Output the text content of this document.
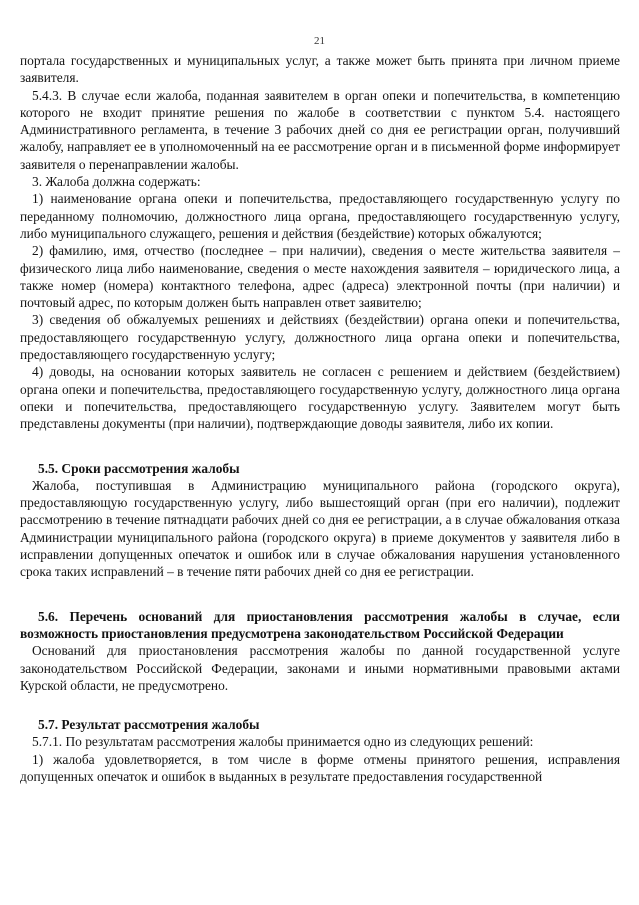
21

портала государственных и муниципальных услуг, а также может быть принята при личном приеме заявителя.

5.4.3. В случае если жалоба, поданная заявителем в орган опеки и попечительства, в компетенцию которого не входит принятие решения по жалобе в соответствии с пунктом 5.4. настоящего Административного регламента, в течение 3 рабочих дней со дня ее регистрации орган, получивший жалобу, направляет ее в уполномоченный на ее рассмотрение орган и в письменной форме информирует заявителя о перенаправлении жалобы.

3. Жалоба должна содержать:

1) наименование органа опеки и попечительства, предоставляющего государственную услугу по переданному полномочию, должностного лица органа, предоставляющего государственную услугу, либо муниципального служащего, решения и действия (бездействие) которых обжалуются;

2) фамилию, имя, отчество (последнее – при наличии), сведения о месте жительства заявителя – физического лица либо наименование, сведения о месте нахождения заявителя – юридического лица, а также номер (номера) контактного телефона, адрес (адреса) электронной почты (при наличии) и почтовый адрес, по которым должен быть направлен ответ заявителю;

3) сведения об обжалуемых решениях и действиях (бездействии) органа опеки и попечительства, предоставляющего государственную услугу, должностного лица органа опеки и попечительства, предоставляющего государственную услугу;

4) доводы, на основании которых заявитель не согласен с решением и действием (бездействием) органа опеки и попечительства, предоставляющего государственную услугу, должностного лица органа опеки и попечительства, предоставляющего государственную услугу. Заявителем могут быть представлены документы (при наличии), подтверждающие доводы заявителя, либо их копии.

5.5. Сроки рассмотрения жалобы

Жалоба, поступившая в Администрацию муниципального района (городского округа), предоставляющую государственную услугу, либо вышестоящий орган (при его наличии), подлежит рассмотрению в течение пятнадцати рабочих дней со дня ее регистрации, а в случае обжалования отказа Администрации муниципального района (городского округа) в приеме документов у заявителя либо в исправлении допущенных опечаток и ошибок или в случае обжалования нарушения установленного срока таких исправлений – в течение пяти рабочих дней со дня ее регистрации.

5.6. Перечень оснований для приостановления рассмотрения жалобы в случае, если возможность приостановления предусмотрена законодательством Российской Федерации

Оснований для приостановления рассмотрения жалобы по данной государственной услуге законодательством Российской Федерации, законами и иными нормативными правовыми актами Курской области, не предусмотрено.

5.7. Результат рассмотрения жалобы

5.7.1. По результатам рассмотрения жалобы принимается одно из следующих решений:

1) жалоба удовлетворяется, в том числе в форме отмены принятого решения, исправления допущенных опечаток и ошибок в выданных в результате предоставления государственной
